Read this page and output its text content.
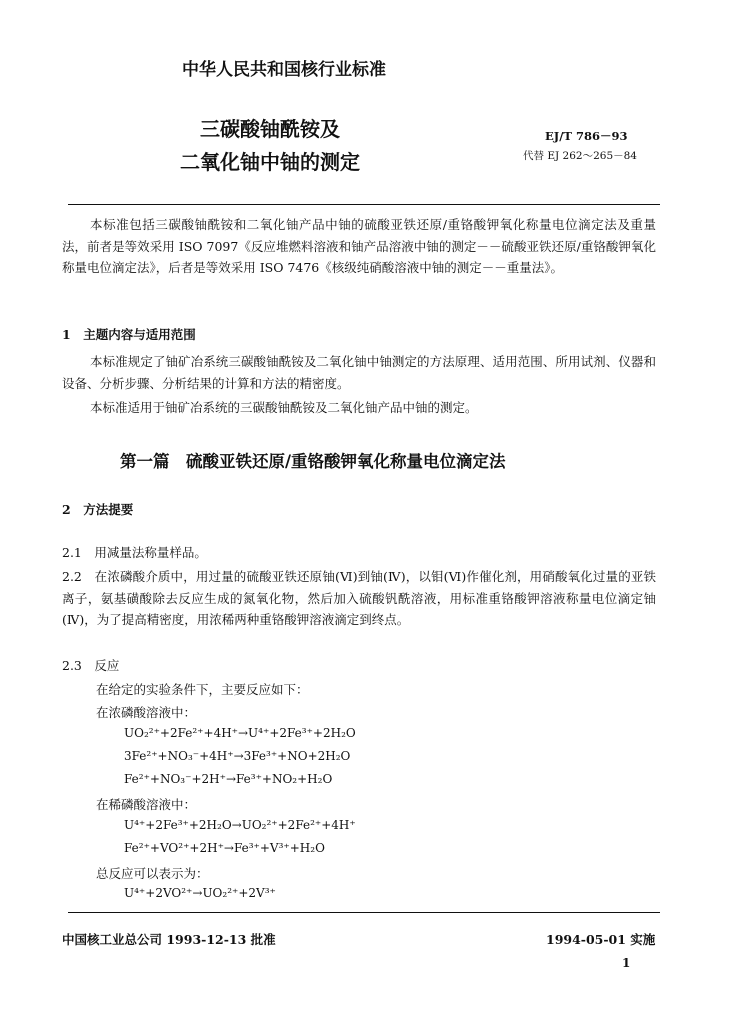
中华人民共和国核行业标准
三碳酸铀酰铵及
二氧化铀中铀的测定
EJ/T 786－93
代替 EJ 262～265－84
本标准包括三碳酸铀酰铵和二氧化铀产品中铀的硫酸亚铁还原/重铬酸钾氧化称量电位滴定法及重量法，前者是等效采用 ISO 7097《反应堆燃料溶液和铀产品溶液中铀的测定－－硫酸亚铁还原/重铬酸钾氧化称量电位滴定法》，后者是等效采用 ISO 7476《核级纯硝酸溶液中铀的测定－－重量法》。
1　主题内容与适用范围
本标准规定了铀矿冶系统三碳酸铀酰铵及二氧化铀中铀测定的方法原理、适用范围、所用试剂、仪器和设备、分析步骤、分析结果的计算和方法的精密度。
本标准适用于铀矿冶系统的三碳酸铀酰铵及二氧化铀产品中铀的测定。
第一篇　硫酸亚铁还原/重铬酸钾氧化称量电位滴定法
2　方法提要
2.1　用减量法称量样品。
2.2　在浓磷酸介质中，用过量的硫酸亚铁还原铀(Ⅵ)到铀(Ⅳ)，以钼(Ⅵ)作催化剂，用硝酸氧化过量的亚铁离子，氨基磺酸除去反应生成的氮氧化物，然后加入硫酸钒酰溶液，用标准重铬酸钾溶液称量电位滴定铀(Ⅳ)，为了提高精密度，用浓稀两种重铬酸钾溶液滴定到终点。
2.3　反应
在给定的实验条件下，主要反应如下：
在浓磷酸溶液中：
UO₂²⁺+2Fe²⁺+4H⁺→U⁴⁺+2Fe³⁺+2H₂O
3Fe²⁺+NO₃⁻+4H⁺→3Fe³⁺+NO+2H₂O
Fe²⁺+NO₃⁻+2H⁺→Fe³⁺+NO₂+H₂O
在稀磷酸溶液中：
U⁴⁺+2Fe³⁺+2H₂O→UO₂²⁺+2Fe²⁺+4H⁺
Fe²⁺+VO²⁺+2H⁺→Fe³⁺+V³⁺+H₂O
总反应可以表示为：
U⁴⁺+2VO²⁺→UO₂²⁺+2V³⁺
中国核工业总公司 1993-12-13 批准	1994-05-01 实施
1
